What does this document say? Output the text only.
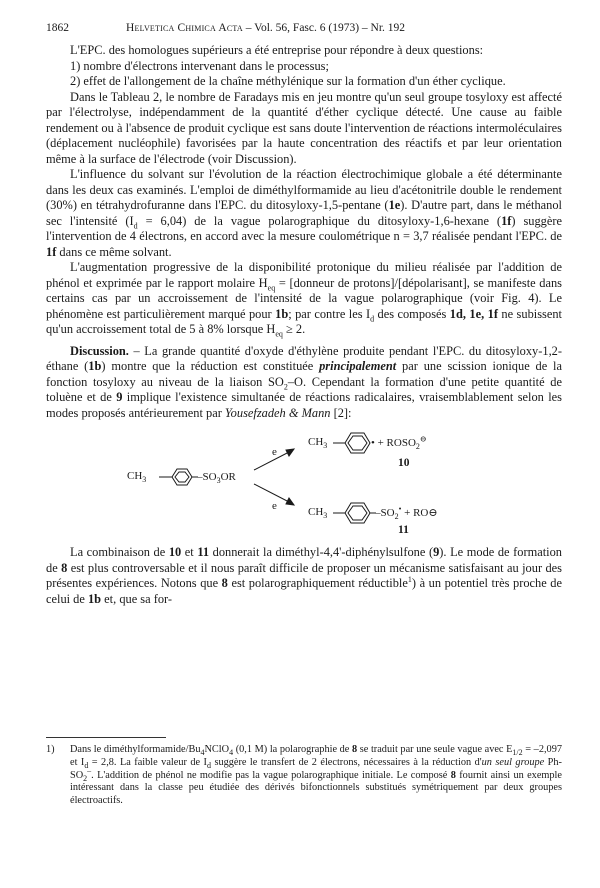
1862	Helvetica Chimica Acta – Vol. 56, Fasc. 6 (1973) – Nr. 192

L'EPC. des homologues supérieurs a été entreprise pour répondre à deux questions:

1) nombre d'électrons intervenant dans le processus;

2) effet de l'allongement de la chaîne méthylénique sur la formation d'un éther cyclique.

Dans le Tableau 2, le nombre de Faradays mis en jeu montre qu'un seul groupe tosyloxy est affecté par l'électrolyse, indépendamment de la quantité d'éther cyclique détecté. Une cause au faible rendement ou à l'absence de produit cyclique est sans doute l'intervention de réactions intermoléculaires (déplacement nucléophile) favorisées par la haute concentration des réactifs et par leur orientation même à la surface de l'électrode (voir Discussion).

L'influence du solvant sur l'évolution de la réaction électrochimique globale a été déterminante dans les deux cas examinés. L'emploi de diméthylformamide au lieu d'acétonitrile double le rendement (30%) en tétrahydrofuranne dans l'EPC. du ditosyloxy-1,5-pentane (1e). D'autre part, dans le méthanol sec l'intensité $(I_d = 6,04)$ de la vague polarographique du ditosyloxy-1,6-hexane (1f) suggère l'intervention de 4 électrons, en accord avec la mesure coulométrique n = 3,7 réalisée pendant l'EPC. de 1f dans ce même solvant.

L'augmentation progressive de la disponibilité protonique du milieu réalisée par l'addition de phénol et exprimée par le rapport molaire $H_{eq}$ = [donneur de protons]/[dépolarisant], se manifeste dans certains cas par un accroissement de l'intensité de la vague polarographique (voir Fig. 4). Le phénomène est particulièrement marqué pour 1b; par contre les $I_d$ des composés 1d, 1e, 1f ne subissent qu'un accroissement total de 5 à 8% lorsque $H_{eq} \ge 2$.

Discussion. – La grande quantité d'oxyde d'éthylène produite pendant l'EPC. du ditosyloxy-1,2-éthane (1b) montre que la réduction est constituée principalement par une scission ionique de la fonction tosyloxy au niveau de la liaison $SO_2-O$. Cependant la formation d'une petite quantité de toluène et de 9 implique l'existence simultanée de réactions radicalaires, vraisemblablement selon les modes proposés antérieurement par Yousefzadeh & Mann [2]:

$CH_3$	$-SO_3OR$
e
e
$CH_3$	• + $ROSO_2^⊖$
10
$CH_3$	$-SO_2^•$ + RO⊖
11

La combinaison de 10 et 11 donnerait la diméthyl-4,4'-diphénylsulfone (9). Le mode de formation de 8 est plus controversable et il nous paraît difficile de proposer un mécanisme satisfaisant au jour des présentes expériences. Notons que 8 est polarographiquement réductible$^1$) à un potentiel très proche de celui de 1b et, que sa for-

1) Dans le diméthylformamide/$Bu_4NClO_4$ (0,1 M) la polarographie de 8 se traduit par une seule vague avec $E_{1/2} = -2,097$ et $I_d = 2,8$. La faible valeur de $I_d$ suggère le transfert de 2 électrons, nécessaires à la réduction d'un seul groupe $Ph-SO_2^-$. L'addition de phénol ne modifie pas la vague polarographique initiale. Le composé 8 fournit ainsi un exemple intéressant dans la classe peu étudiée des dérivés bifonctionnels substitués symétriquement par deux groupes électroactifs.
